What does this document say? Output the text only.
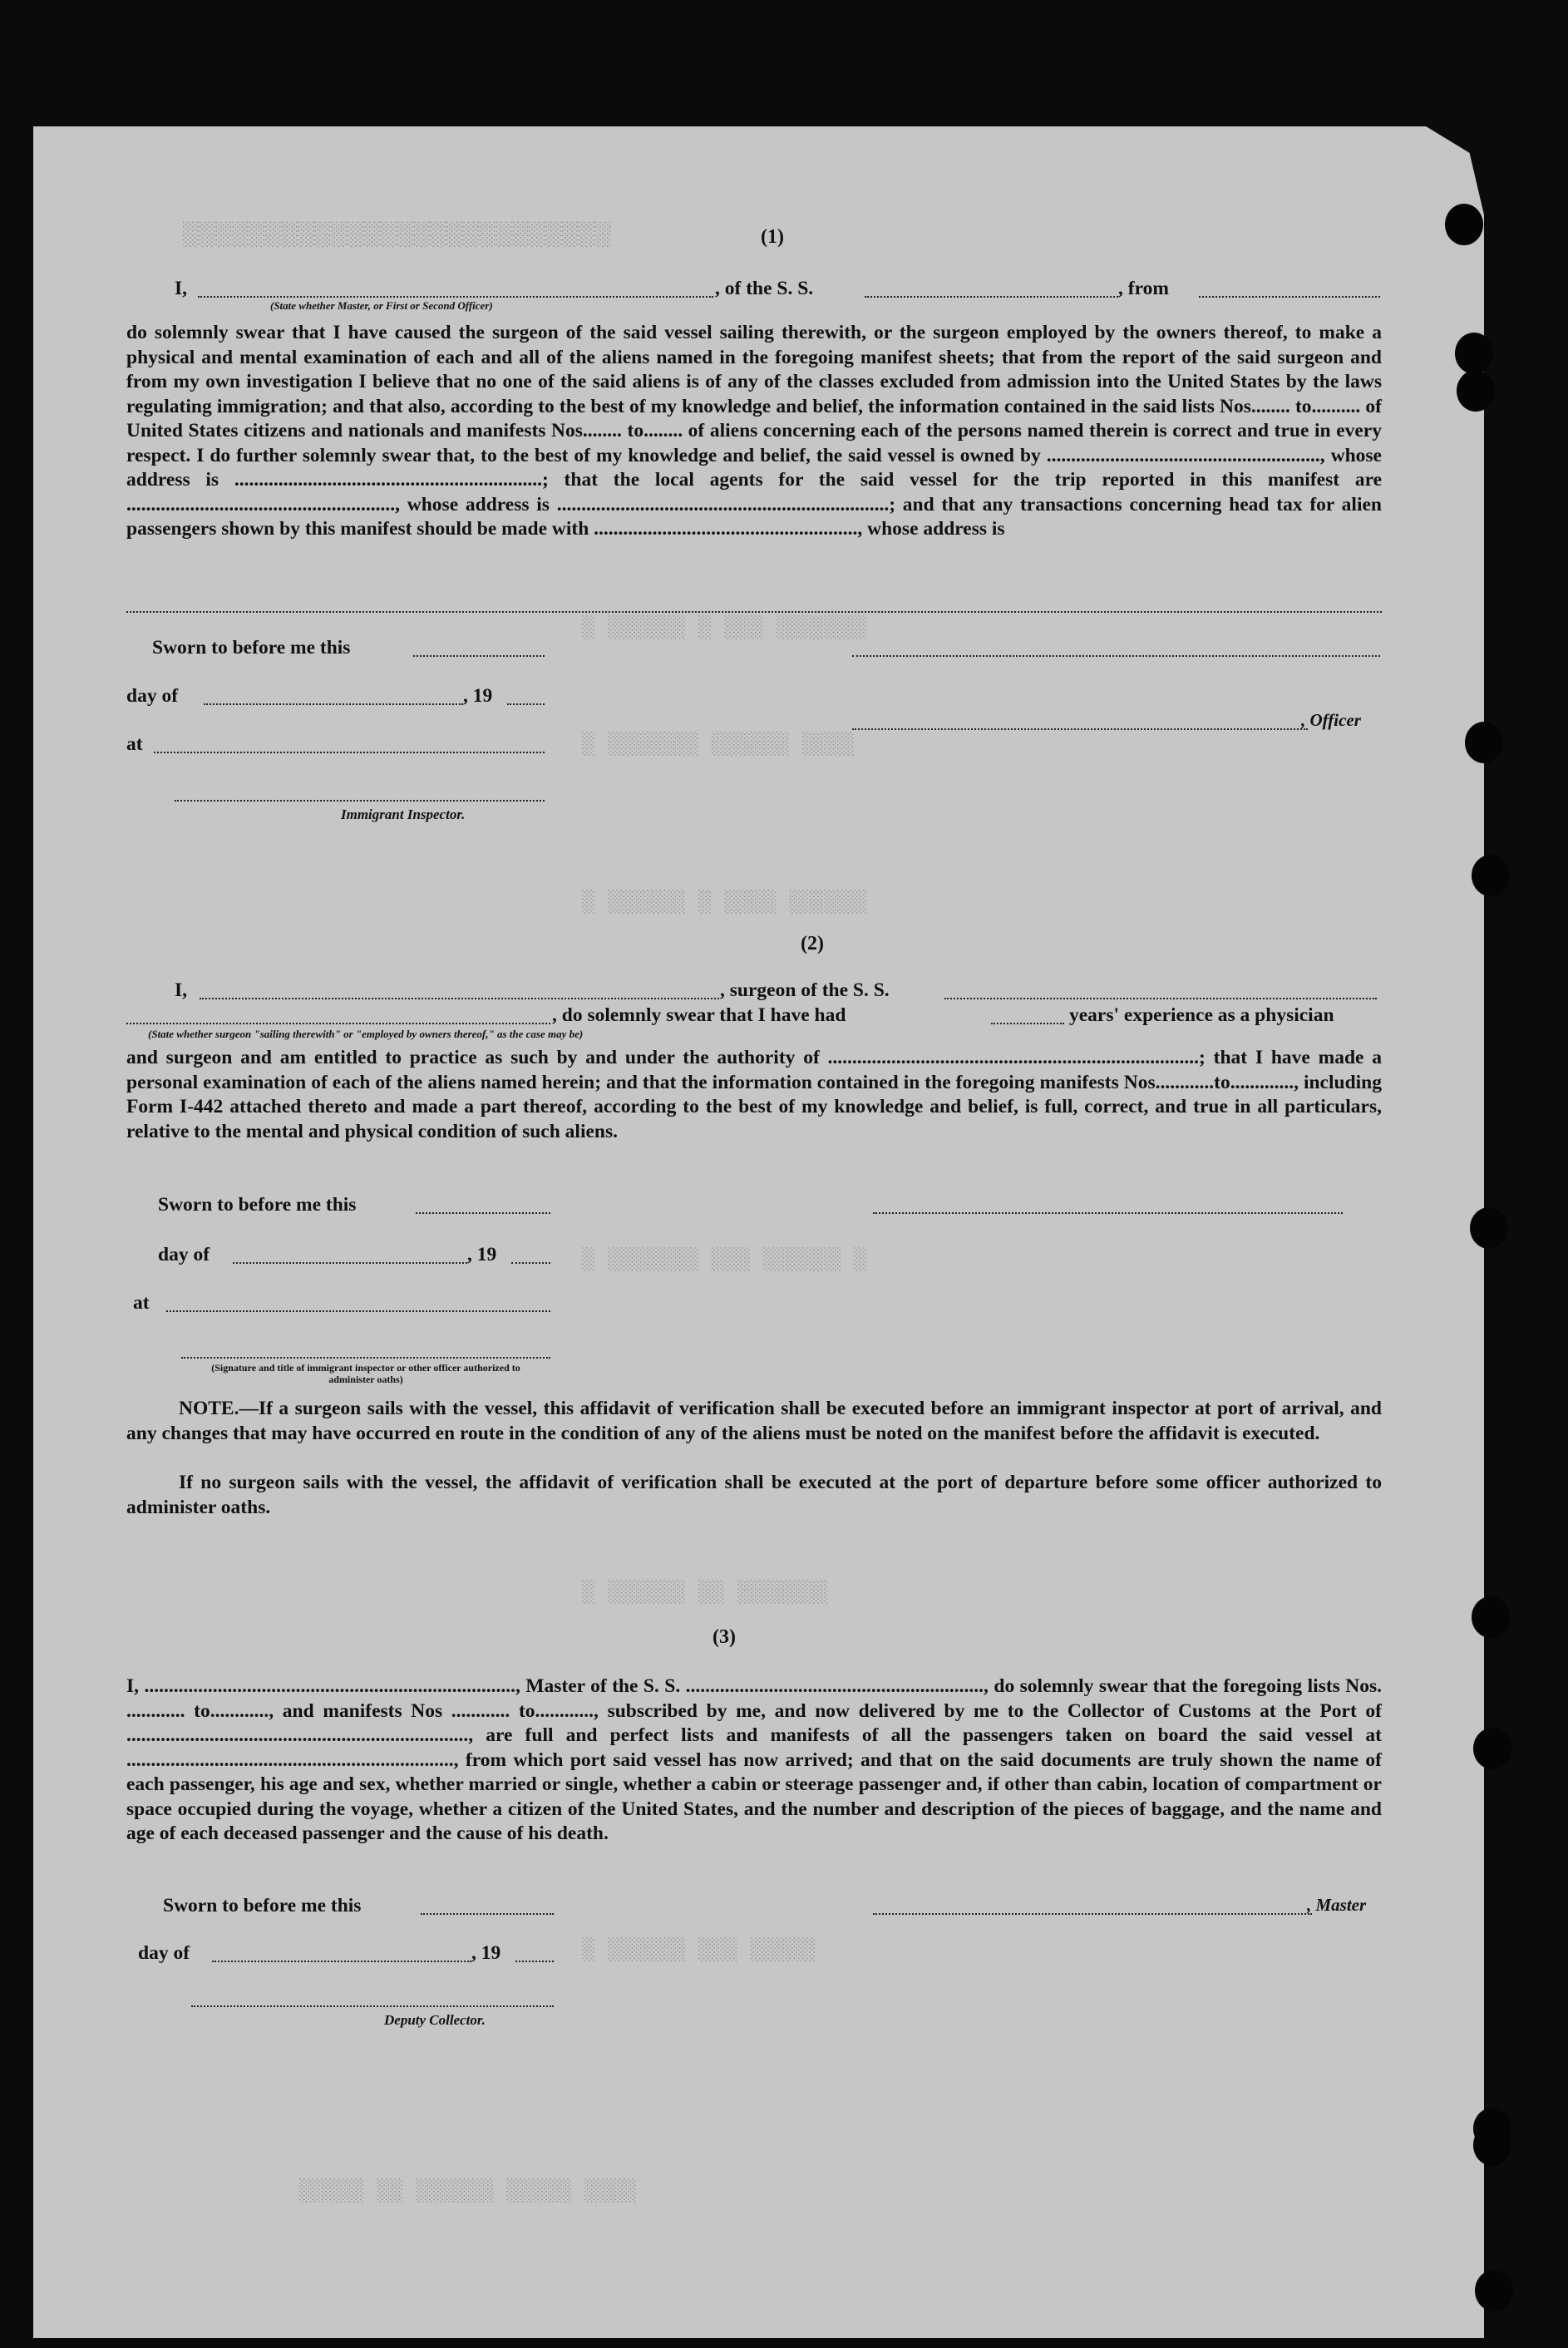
░░░░░░░░░░░░░░░░░░░░░░░░░░
░ ░░░░░░ ░ ░░░ ░░░░░░░
░ ░░░░░░░ ░░░░░░ ░░░░
░ ░░░░░░ ░ ░░░░ ░░░░░░
░ ░░░░░░░ ░░░ ░░░░░░ ░
░ ░░░░░░ ░░ ░░░░░░░
░ ░░░░░░ ░░░ ░░░░░
░░░░░ ░░ ░░░░░░ ░░░░░ ░░░░
(1)
I,	, of the S. S.	, from
(State whether Master, or First or Second Officer)
do solemnly swear that I have caused the surgeon of the said vessel sailing therewith, or the surgeon employed by the owners thereof, to make a physical and mental examination of each and all of the aliens named in the foregoing manifest sheets; that from the report of the said surgeon and from my own investigation I believe that no one of the said aliens is of any of the classes excluded from admission into the United States by the laws regulating immigration; and that also, according to the best of my knowledge and belief, the information contained in the said lists Nos........ to.......... of United States citizens and nationals and manifests Nos........ to........ of aliens concerning each of the persons named therein is correct and true in every respect. I do further solemnly swear that, to the best of my knowledge and belief, the said vessel is owned by ........................................................, whose address is ...............................................................; that the local agents for the said vessel for the trip reported in this manifest are ......................................................., whose address is ....................................................................; and that any transactions concerning head tax for alien passengers shown by this manifest should be made with ......................................................, whose address is
Sworn to before me this
day of	, 19
, Officer
at
Immigrant Inspector.
(2)
I,	, surgeon of the S. S.
, do solemnly swear that I have had	years' experience as a physician
(State whether surgeon "sailing therewith" or "employed by owners thereof," as the case may be)
and surgeon and am entitled to practice as such by and under the authority of ............................................................................; that I have made a personal examination of each of the aliens named herein; and that the information contained in the foregoing manifests Nos............to............., including Form I-442 attached thereto and made a part thereof, according to the best of my knowledge and belief, is full, correct, and true in all particulars, relative to the mental and physical condition of such aliens.
Sworn to before me this
day of	, 19
at
(Signature and title of immigrant inspector or other officer authorized to administer oaths)
NOTE.—If a surgeon sails with the vessel, this affidavit of verification shall be executed before an immigrant inspector at port of arrival, and any changes that may have occurred en route in the condition of any of the aliens must be noted on the manifest before the affidavit is executed.
If no surgeon sails with the vessel, the affidavit of verification shall be executed at the port of departure before some officer authorized to administer oaths.
(3)
I, ............................................................................, Master of the S. S. ............................................................., do solemnly swear that the foregoing lists Nos. ............ to............, and manifests Nos ............ to............, subscribed by me, and now delivered by me to the Collector of Customs at the Port of ......................................................................, are full and perfect lists and manifests of all the passengers taken on board the said vessel at ..................................................................., from which port said vessel has now arrived; and that on the said documents are truly shown the name of each passenger, his age and sex, whether married or single, whether a cabin or steerage passenger and, if other than cabin, location of compartment or space occupied during the voyage, whether a citizen of the United States, and the number and description of the pieces of baggage, and the name and age of each deceased passenger and the cause of his death.
Sworn to before me this	, Master
day of	, 19
Deputy Collector.
